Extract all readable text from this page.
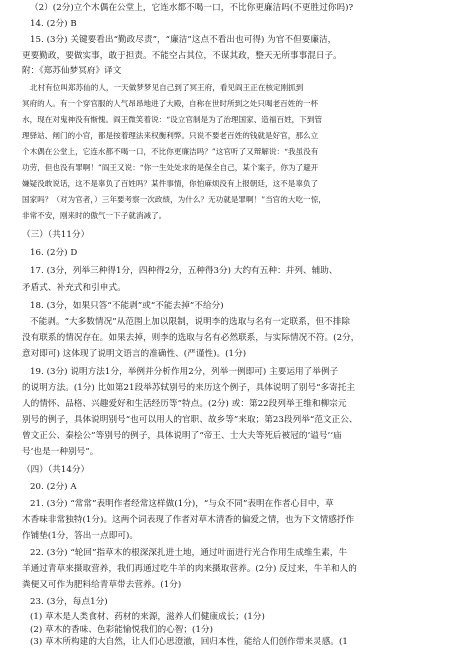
（2）(2分)立个木偶在公堂上，它连水都不喝一口，不比你更廉洁吗(不更胜过你吗)?
14. (2分) B
15. (3分) 关键要看出“勤政尽责”，“廉洁”这点不看出也可得) 为官不但要廉洁，
更要勤政，要做实事，敢于担责。不能空占其位，不谋其政，整天无所事事混日子。
附：《郑苏仙梦冥府》译文
北村有位叫郑苏仙的人，一天做梦梦见自己到了冥王府，看见阎王正在核定刚抓到
冥府的人。有一个穿官服的人气昂昂地进了大殿，自称在世时所到之处只喝老百姓的一杯
水，现在对鬼神没有惭愧。阎王微笑着说：“设立官制是为了治理国家、造福百姓，下到管
理驿站、闸门的小官，都是按着理法来权衡利弊。只说不要老百姓的钱就是好官，那么立
个木偶在公堂上，它连水都不喝一口，不比你更廉洁吗？”这官听了又辩解说：“我虽没有
功劳，但也没有罪啊！”阎王又说：“你一生处处求的是保全自己，某个案子，你为了避开
嫌疑没敢说话，这不是辜负了百姓吗？某件事情，你怕麻烦没有上报朝廷，这不是辜负了
国家吗？（对为官者，）三年要考察一次政绩，为什么？无功就是罪啊！”当官的大吃一惊，
非常不安，刚来时的傲气一下子就消减了。
（三）（共11分）
16. (2分) D
17. (3分，列举三种得1分，四种得2分，五种得3分) 大约有五种：并列、辅助、
矛盾式、补充式和引申式。
18. (3分，如果只答“不能剥”或“不能去掉”不给分)
不能剥。“大多数情况”从范围上加以限制，说明李的选取与名有一定联系，但不排除
没有联系的情况存在。如果去掉，则李的选取与名有必然联系，与实际情况不符。(2分，
意对即可) 这体现了说明文语言的准确性、(严谨性)。(1分)
19. (3分) 说明方法1分，举例并分析作用2分，列举一例即可) 主要运用了举例子
的说明方法。(1分) 比如第21段举苏轼别号的来历这个例子，具体说明了别号“多寄托主
人的情怀、品格、兴趣爱好和生活经历等”特点。(2分) 或：第22段列举王维和柳宗元
别号的例子，具体说明别号“也可以用人的官职、故乡等”来取；第23段列举“范文正公、
曾文正公、秦桧公”等别号的例子，具体说明了“帝王、士大夫等死后被冠的‘谥号’‘庙
号’也是一种别号”。
（四）（共14分）
20. (2分) A
21. (3分) “常常”表明作者经常这样做(1分)，“与众不同”表明在作者心目中，草
木香味非常独特(1分)。这两个词表现了作者对草木清香的偏爱之情，也为下文情感抒作
作铺垫(1分，答出一点即可)。
22. (3分) “轮回”指草木的根深深扎进土地，通过叶面进行光合作用生成维生素，牛
羊通过青草来摄取营养，我们再通过吃牛羊的肉来摄取营养。(2分) 反过来，牛羊和人的
粪便又可作为肥料给青草带去营养。(1分)
23. (3分，每点1分)
(1) 草木是人类食材、药材的来源，滋养人们健康成长；(1分)
(2) 草木的香味、色彩能愉悦我们的心智；(1分)
(3) 草木所构建的大自然，让人们心思澄澈，回归本性，能给人们创作带来灵感。(1
